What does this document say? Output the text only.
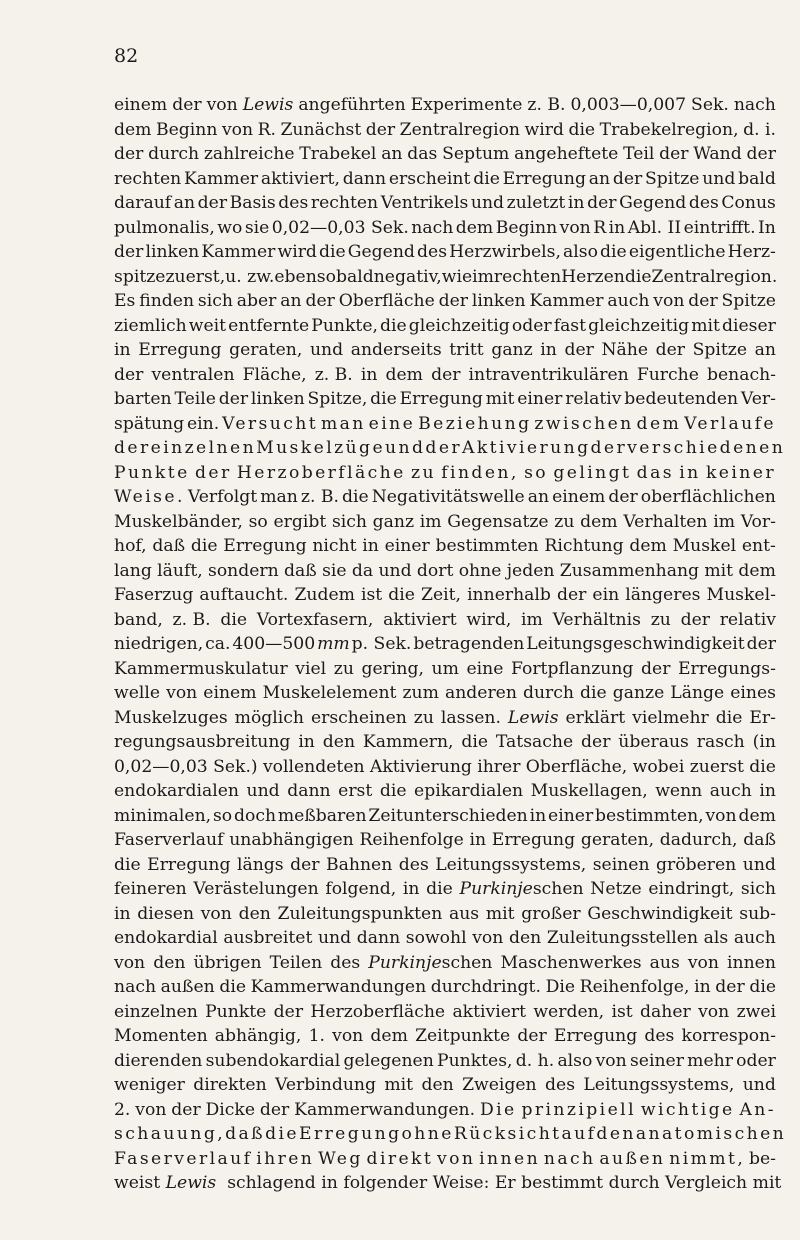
82
einem der von Lewis angeführten Experimente z. B. 0,003—0,007 Sek. nach
dem Beginn von R. Zunächst der Zentralregion wird die Trabekelregion, d. i.
der durch zahlreiche Trabekel an das Septum angeheftete Teil der Wand der
rechten Kammer aktiviert, dann erscheint die Erregung an der Spitze und bald
darauf an der Basis des rechten Ventrikels und zuletzt in der Gegend des Conus
pulmonalis, wo sie 0,02—0,03 Sek. nach dem Beginn von R in Abl. II eintrifft. In
der linken Kammer wird die Gegend des Herzwirbels, also die eigentliche Herz-
spitze zuerst, u. zw. ebensobald negativ, wie im rechten Herzen die Zentralregion.
Es finden sich aber an der Oberfläche der linken Kammer auch von der Spitze
ziemlich weit entfernte Punkte, die gleichzeitig oder fast gleichzeitig mit dieser
in Erregung geraten, und anderseits tritt ganz in der Nähe der Spitze an
der ventralen Fläche, z. B. in dem der intraventrikulären Furche benach-
barten Teile der linken Spitze, die Erregung mit einer relativ bedeutenden Ver-
spätung ein. Versucht man eine Beziehung zwischen dem Verlaufe
der einzelnen Muskelzüge und der Aktivierung der verschiedenen
Punkte der Herzoberfläche zu finden, so gelingt das in keiner
Weise. Verfolgt man z. B. die Negativitätswelle an einem der oberflächlichen
Muskelbänder, so ergibt sich ganz im Gegensatze zu dem Verhalten im Vor-
hof, daß die Erregung nicht in einer bestimmten Richtung dem Muskel ent-
lang läuft, sondern daß sie da und dort ohne jeden Zusammenhang mit dem
Faserzug auftaucht. Zudem ist die Zeit, innerhalb der ein längeres Muskel-
band, z. B. die Vortexfasern, aktiviert wird, im Verhältnis zu der relativ
niedrigen, ca. 400—500 mm p. Sek. betragenden Leitungsgeschwindigkeit der
Kammermuskulatur viel zu gering, um eine Fortpflanzung der Erregungs-
welle von einem Muskelelement zum anderen durch die ganze Länge eines
Muskelzuges möglich erscheinen zu lassen. Lewis erklärt vielmehr die Er-
regungsausbreitung in den Kammern, die Tatsache der überaus rasch (in
0,02—0,03 Sek.) vollendeten Aktivierung ihrer Oberfläche, wobei zuerst die
endokardialen und dann erst die epikardialen Muskellagen, wenn auch in
minimalen, so doch meßbaren Zeitunterschieden in einer bestimmten, von dem
Faserverlauf unabhängigen Reihenfolge in Erregung geraten, dadurch, daß
die Erregung längs der Bahnen des Leitungssystems, seinen gröberen und
feineren Verästelungen folgend, in die Purkinjeschen Netze eindringt, sich
in diesen von den Zuleitungspunkten aus mit großer Geschwindigkeit sub-
endokardial ausbreitet und dann sowohl von den Zuleitungsstellen als auch
von den übrigen Teilen des Purkinjeschen Maschenwerkes aus von innen
nach außen die Kammerwandungen durchdringt. Die Reihenfolge, in der die
einzelnen Punkte der Herzoberfläche aktiviert werden, ist daher von zwei
Momenten abhängig, 1. von dem Zeitpunkte der Erregung des korrespon-
dierenden subendokardial gelegenen Punktes, d. h. also von seiner mehr oder
weniger direkten Verbindung mit den Zweigen des Leitungssystems, und
2. von der Dicke der Kammerwandungen. Die prinzipiell wichtige An-
schauung, daß die Erregung ohne Rücksicht auf den anatomischen
Faserverlauf ihren Weg direkt von innen nach außen nimmt, be-
weist Lewis schlagend in folgender Weise: Er bestimmt durch Vergleich mit
